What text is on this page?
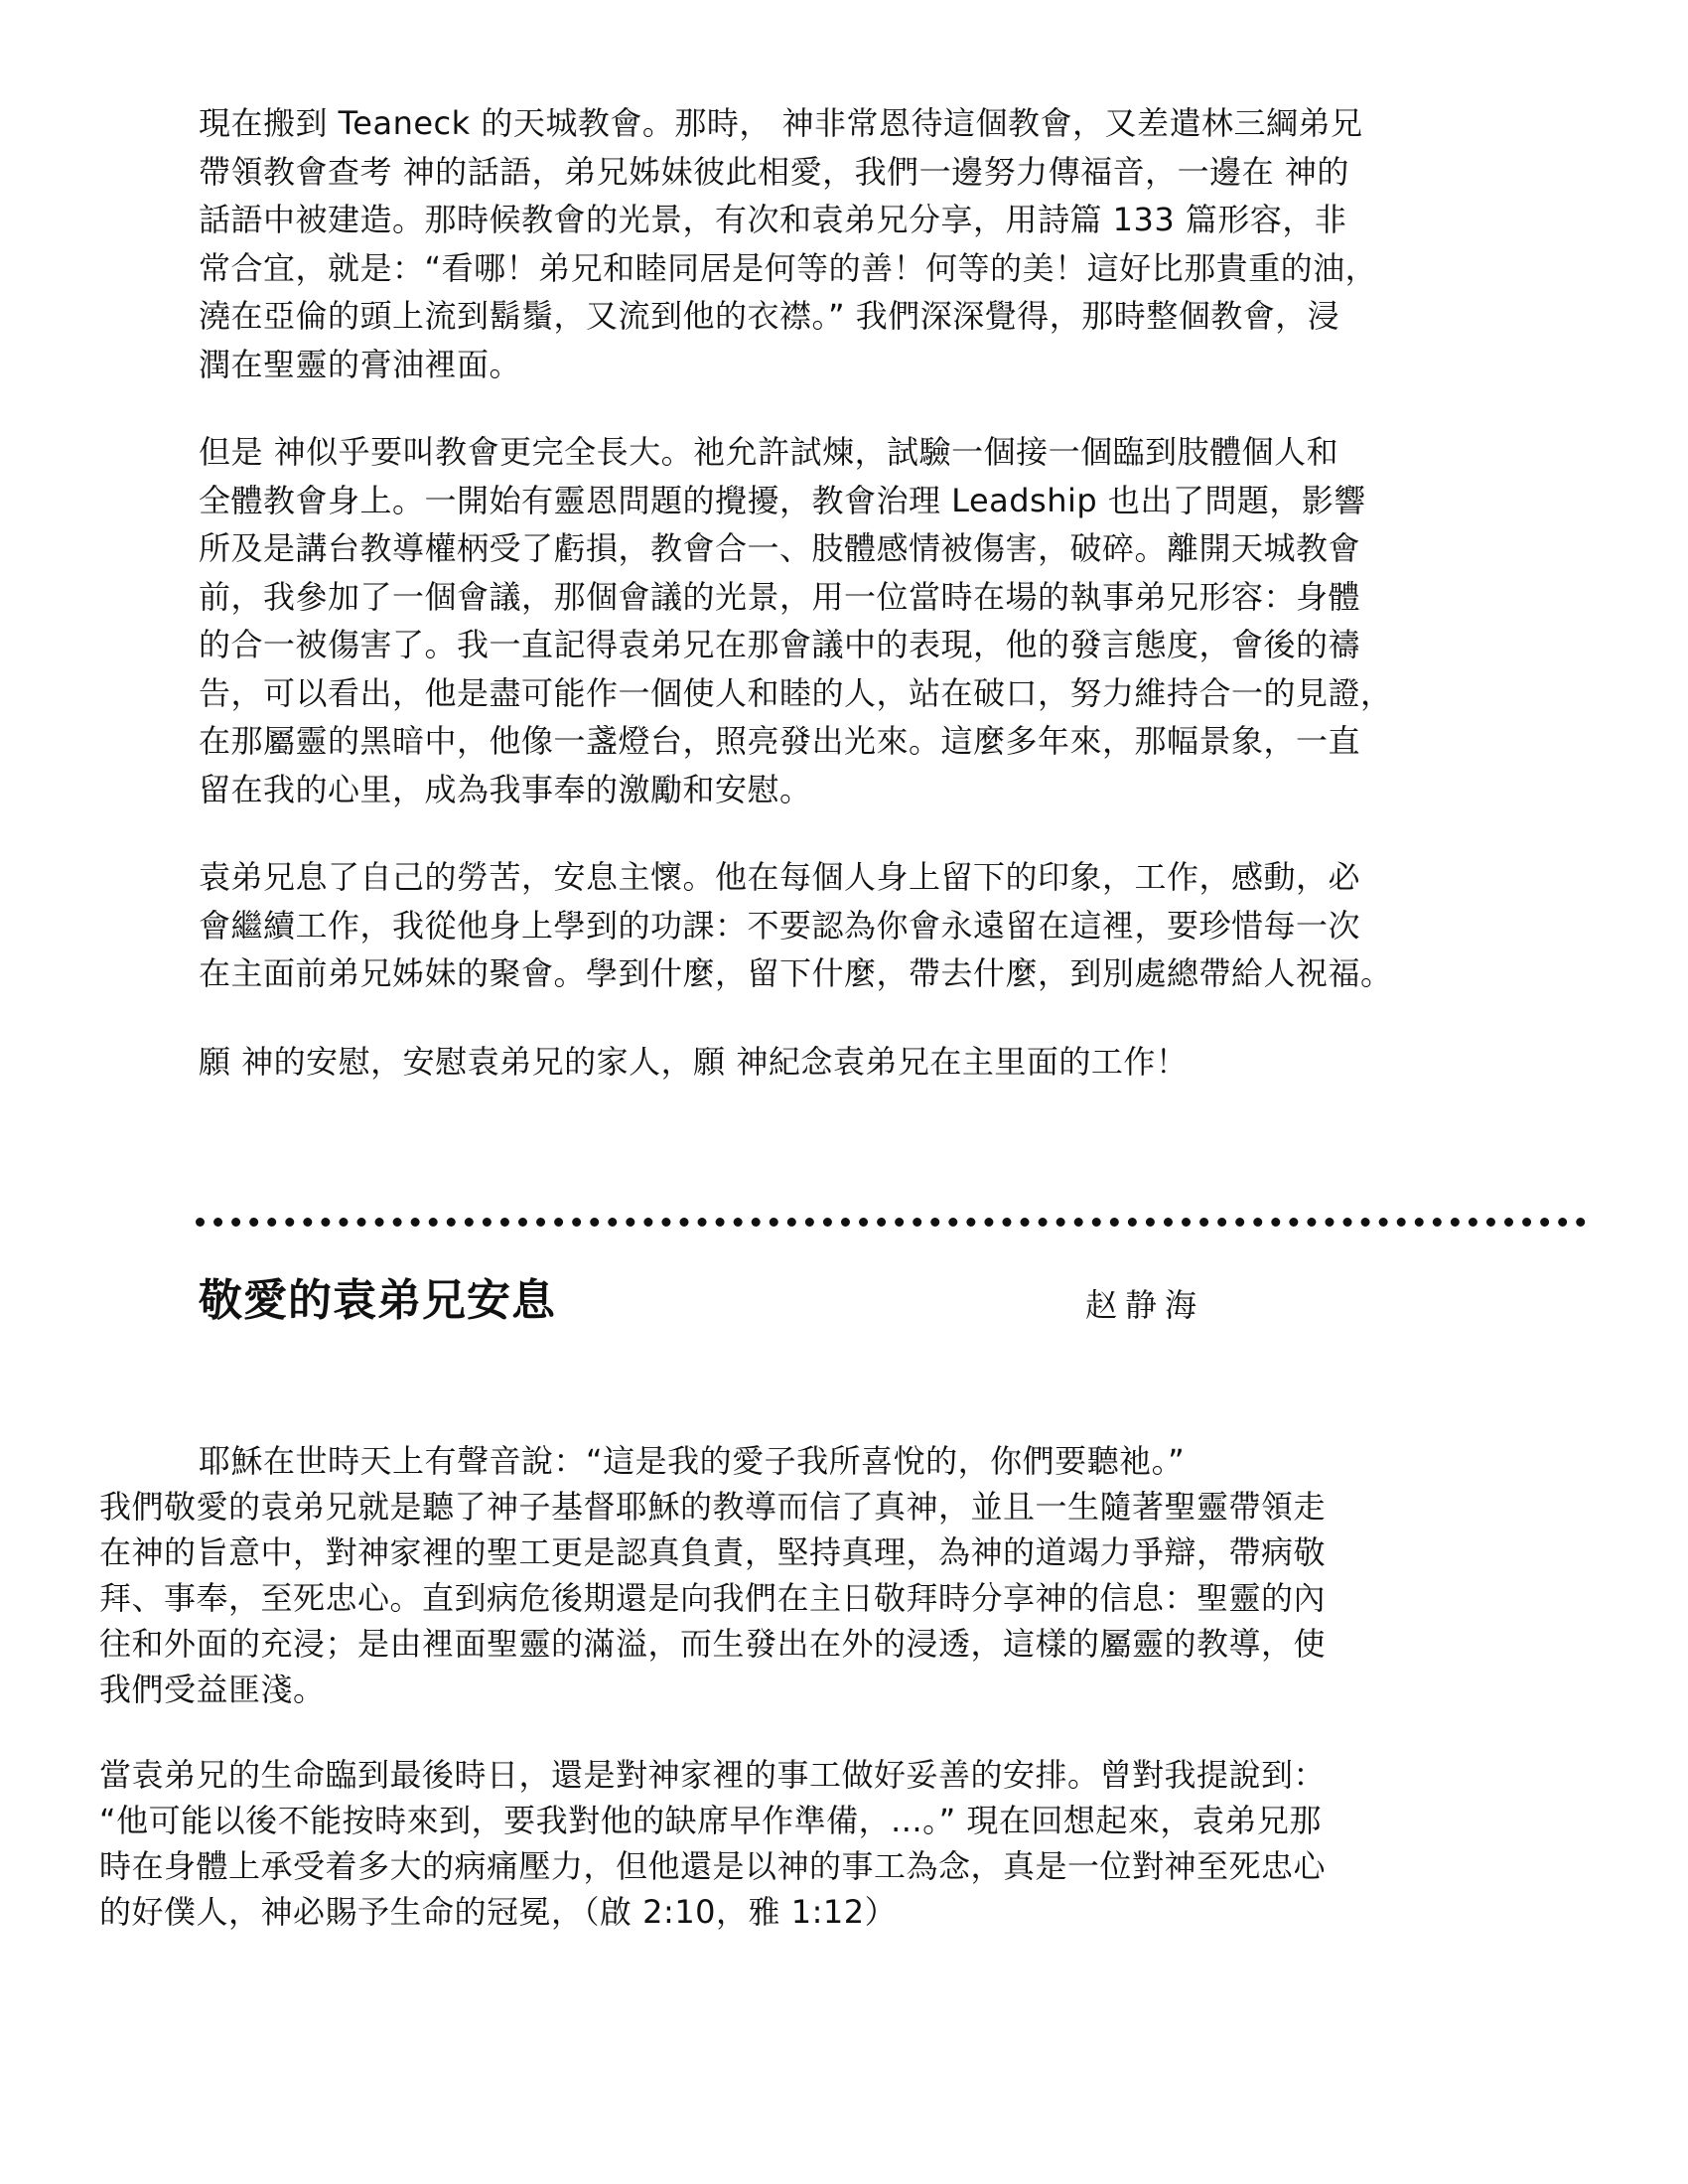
現在搬到 Teaneck 的天城教會。那時， 神非常恩待這個教會，又差遣林三綱弟兄
帶領教會查考 神的話語，弟兄姊妹彼此相愛，我們一邊努力傳福音，一邊在 神的
話語中被建造。那時候教會的光景，有次和袁弟兄分享，用詩篇 133 篇形容，非
常合宜，就是：“看哪！弟兄和睦同居是何等的善！何等的美！這好比那貴重的油，
澆在亞倫的頭上流到鬍鬚，又流到他的衣襟。” 我們深深覺得，那時整個教會，浸
潤在聖靈的膏油裡面。

但是 神似乎要叫教會更完全長大。祂允許試煉，試驗一個接一個臨到肢體個人和
全體教會身上。一開始有靈恩問題的攪擾，教會治理 Leadship 也出了問題，影響
所及是講台教導權柄受了虧損，教會合一、肢體感情被傷害，破碎。離開天城教會
前，我參加了一個會議，那個會議的光景，用一位當時在場的執事弟兄形容：身體
的合一被傷害了。我一直記得袁弟兄在那會議中的表現，他的發言態度，會後的禱
告，可以看出，他是盡可能作一個使人和睦的人，站在破口，努力維持合一的見證，
在那屬靈的黑暗中，他像一盞燈台，照亮發出光來。這麼多年來，那幅景象，一直
留在我的心里，成為我事奉的激勵和安慰。

袁弟兄息了自己的勞苦，安息主懷。他在每個人身上留下的印象，工作，感動，必
會繼續工作，我從他身上學到的功課：不要認為你會永遠留在這裡，要珍惜每一次
在主面前弟兄姊妹的聚會。學到什麼，留下什麼，帶去什麼，到別處總帶給人祝福。

願 神的安慰，安慰袁弟兄的家人，願 神紀念袁弟兄在主里面的工作！

敬愛的袁弟兄安息	赵静海

耶穌在世時天上有聲音說：“這是我的愛子我所喜悅的，你們要聽祂。”
我們敬愛的袁弟兄就是聽了神子基督耶穌的教導而信了真神，並且一生隨著聖靈帶領走
在神的旨意中，對神家裡的聖工更是認真負責，堅持真理，為神的道竭力爭辯，帶病敬
拜、事奉，至死忠心。直到病危後期還是向我們在主日敬拜時分享神的信息：聖靈的內
往和外面的充浸；是由裡面聖靈的滿溢，而生發出在外的浸透，這樣的屬靈的教導，使
我們受益匪淺。

當袁弟兄的生命臨到最後時日，還是對神家裡的事工做好妥善的安排。曾對我提說到：
“他可能以後不能按時來到，要我對他的缺席早作準備，...。” 現在回想起來，袁弟兄那
時在身體上承受着多大的病痛壓力，但他還是以神的事工為念，真是一位對神至死忠心
的好僕人，神必賜予生命的冠冕，（啟 2:10，雅 1:12）
